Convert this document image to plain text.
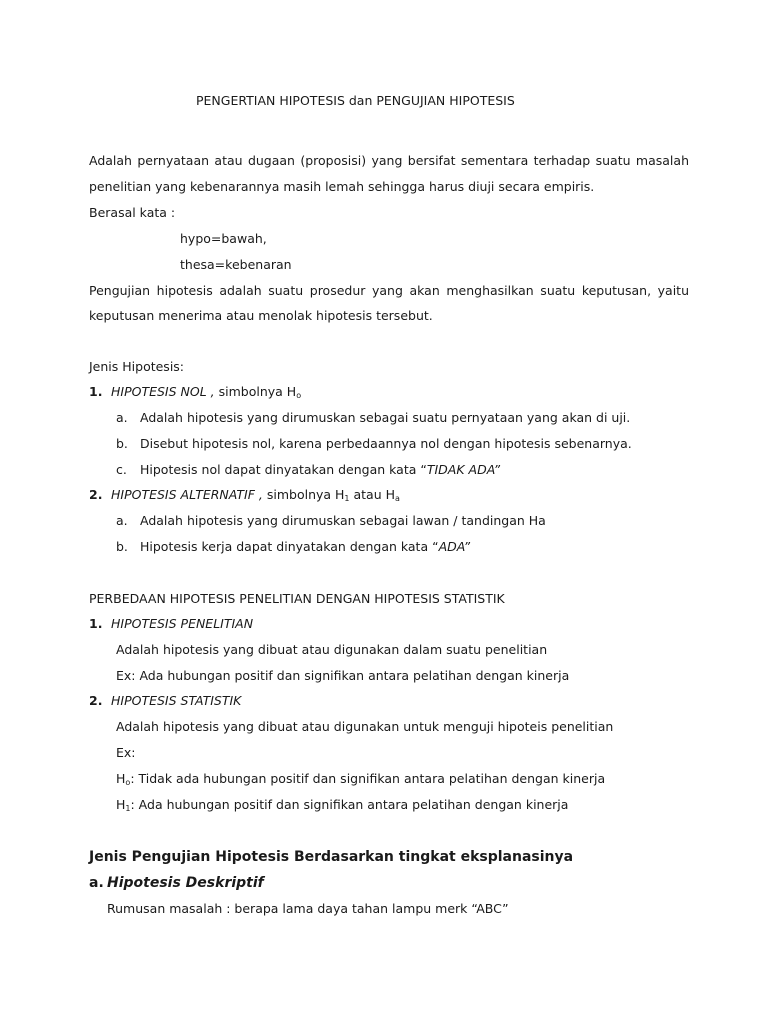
PENGERTIAN HIPOTESIS dan PENGUJIAN HIPOTESIS
Adalah pernyataan atau dugaan (proposisi) yang bersifat sementara terhadap suatu masalah
penelitian yang kebenarannya masih lemah sehingga harus diuji secara empiris.
Berasal kata :
hypo=bawah,
thesa=kebenaran
Pengujian hipotesis adalah suatu prosedur yang akan menghasilkan suatu keputusan, yaitu
keputusan menerima atau menolak hipotesis tersebut.
Jenis Hipotesis:
1. HIPOTESIS NOL , simbolnya $H_o$
a. Adalah hipotesis yang dirumuskan sebagai suatu pernyataan yang akan di uji.
b. Disebut hipotesis nol, karena perbedaannya nol dengan hipotesis sebenarnya.
c. Hipotesis nol dapat dinyatakan dengan kata “TIDAK ADA”
2. HIPOTESIS ALTERNATIF , simbolnya $H_1$ atau $H_a$
a. Adalah hipotesis yang dirumuskan sebagai lawan / tandingan Ha
b. Hipotesis kerja dapat dinyatakan dengan kata “ADA”
PERBEDAAN HIPOTESIS PENELITIAN DENGAN HIPOTESIS STATISTIK
1. HIPOTESIS PENELITIAN
Adalah hipotesis yang dibuat atau digunakan dalam suatu penelitian
Ex: Ada hubungan positif dan signifikan antara pelatihan dengan kinerja
2. HIPOTESIS STATISTIK
Adalah hipotesis yang dibuat atau digunakan untuk menguji hipoteis penelitian
Ex:
$H_o$: Tidak ada hubungan positif dan signifikan antara pelatihan dengan kinerja
$H_1$: Ada hubungan positif dan signifikan antara pelatihan dengan kinerja
Jenis Pengujian Hipotesis Berdasarkan tingkat eksplanasinya
a. Hipotesis Deskriptif
Rumusan masalah : berapa lama daya tahan lampu merk “ABC”
